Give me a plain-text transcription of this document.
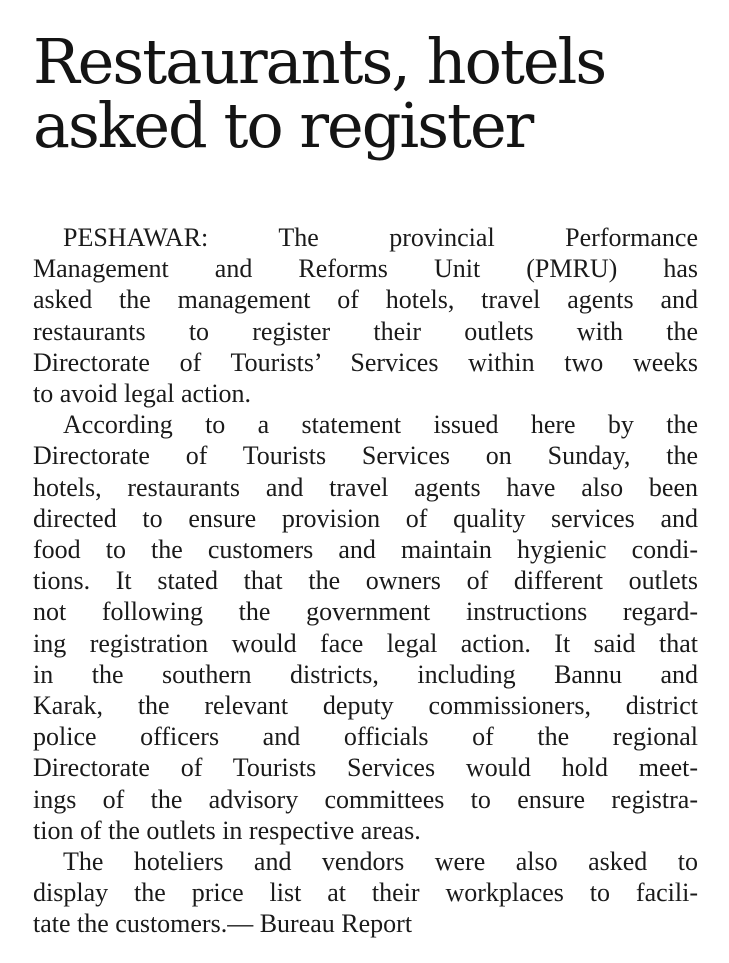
Restaurants, hotels
asked to register
PESHAWAR: The provincial Performance
Management and Reforms Unit (PMRU) has
asked the management of hotels, travel agents and
restaurants to register their outlets with the
Directorate of Tourists’ Services within two weeks
to avoid legal action.
According to a statement issued here by the
Directorate of Tourists Services on Sunday, the
hotels, restaurants and travel agents have also been
directed to ensure provision of quality services and
food to the customers and maintain hygienic condi-
tions. It stated that the owners of different outlets
not following the government instructions regard-
ing registration would face legal action. It said that
in the southern districts, including Bannu and
Karak, the relevant deputy commissioners, district
police officers and officials of the regional
Directorate of Tourists Services would hold meet-
ings of the advisory committees to ensure registra-
tion of the outlets in respective areas.
The hoteliers and vendors were also asked to
display the price list at their workplaces to facili-
tate the customers.— Bureau Report
